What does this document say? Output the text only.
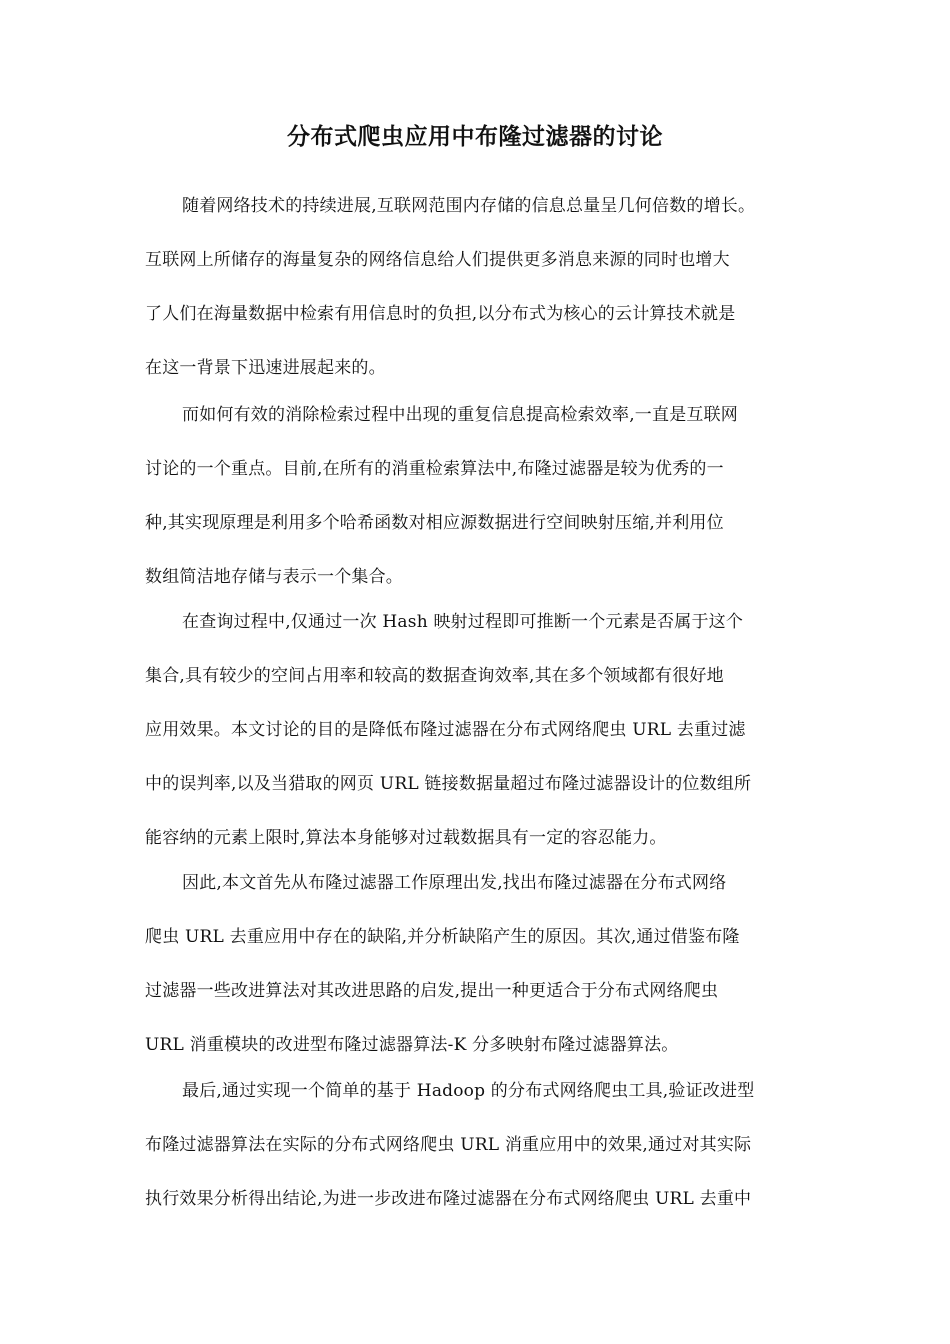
分布式爬虫应用中布隆过滤器的讨论
随着网络技术的持续进展,互联网范围内存储的信息总量呈几何倍数的增长。
互联网上所储存的海量复杂的网络信息给人们提供更多消息来源的同时也增大
了人们在海量数据中检索有用信息时的负担,以分布式为核心的云计算技术就是
在这一背景下迅速进展起来的。
而如何有效的消除检索过程中出现的重复信息提高检索效率,一直是互联网
讨论的一个重点。目前,在所有的消重检索算法中,布隆过滤器是较为优秀的一
种,其实现原理是利用多个哈希函数对相应源数据进行空间映射压缩,并利用位
数组简洁地存储与表示一个集合。
在查询过程中,仅通过一次 Hash 映射过程即可推断一个元素是否属于这个
集合,具有较少的空间占用率和较高的数据查询效率,其在多个领域都有很好地
应用效果。本文讨论的目的是降低布隆过滤器在分布式网络爬虫 URL 去重过滤
中的误判率,以及当猎取的网页 URL 链接数据量超过布隆过滤器设计的位数组所
能容纳的元素上限时,算法本身能够对过载数据具有一定的容忍能力。
因此,本文首先从布隆过滤器工作原理出发,找出布隆过滤器在分布式网络
爬虫 URL 去重应用中存在的缺陷,并分析缺陷产生的原因。其次,通过借鉴布隆
过滤器一些改进算法对其改进思路的启发,提出一种更适合于分布式网络爬虫
URL 消重模块的改进型布隆过滤器算法-K 分多映射布隆过滤器算法。
最后,通过实现一个简单的基于 Hadoop 的分布式网络爬虫工具,验证改进型
布隆过滤器算法在实际的分布式网络爬虫 URL 消重应用中的效果,通过对其实际
执行效果分析得出结论,为进一步改进布隆过滤器在分布式网络爬虫 URL 去重中
